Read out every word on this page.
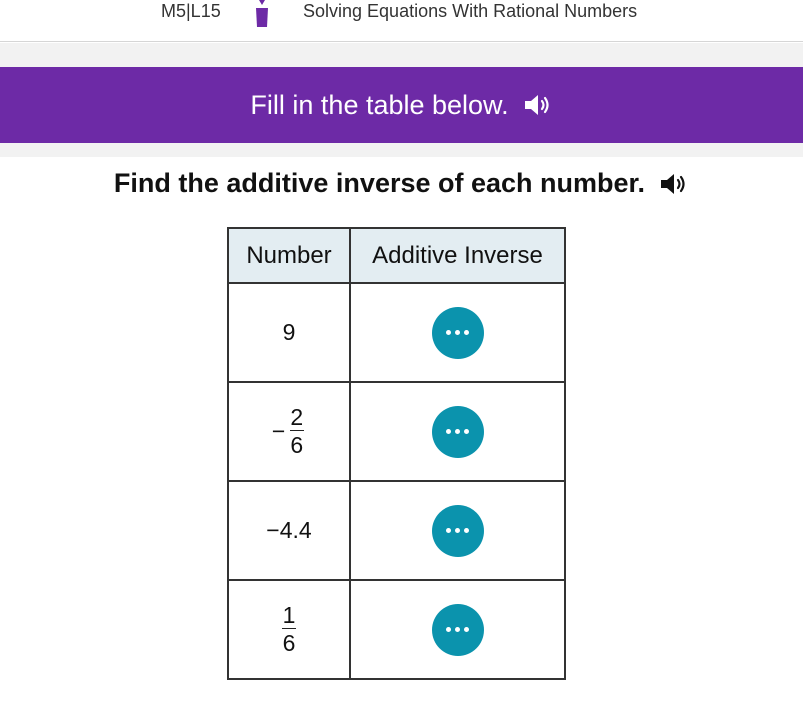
M5|L15	Solving Equations With Rational Numbers
Fill in the table below.
Find the additive inverse of each number.
Number	Additive Inverse
9	

− $\frac{2}{6}$

−4.4	

$\frac{1}{6}$
